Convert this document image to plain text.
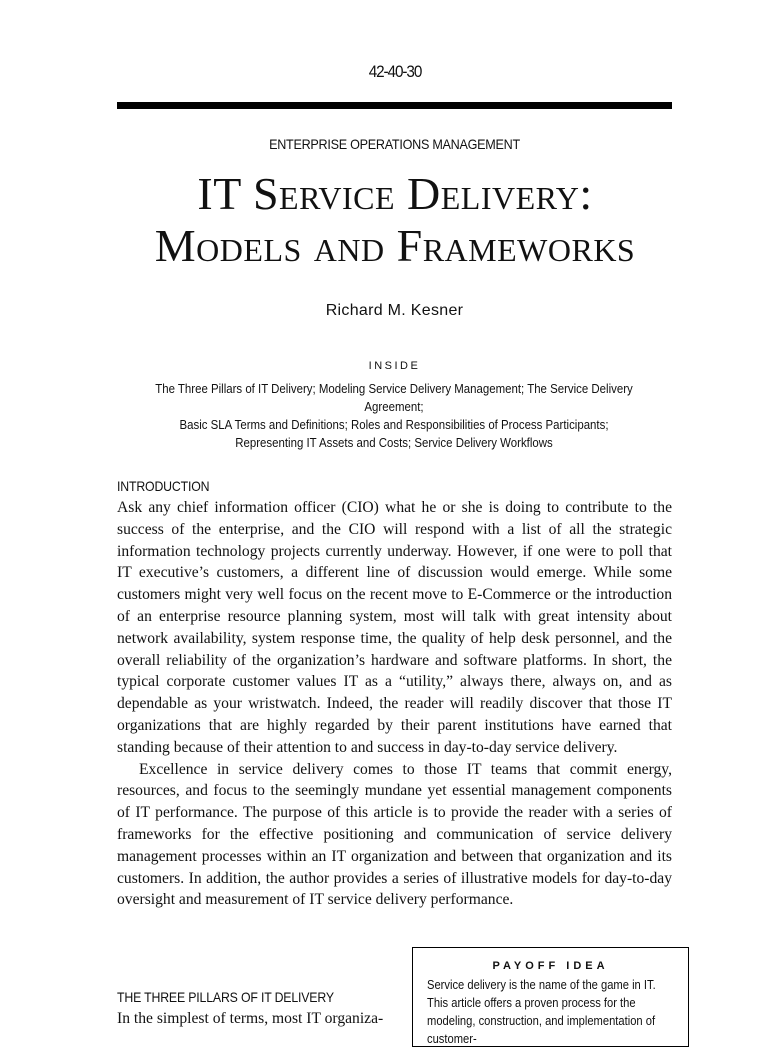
42-40-30
ENTERPRISE OPERATIONS MANAGEMENT
IT Service Delivery:
Models and Frameworks
Richard M. Kesner
INSIDE
The Three Pillars of IT Delivery; Modeling Service Delivery Management; The Service Delivery Agreement;
Basic SLA Terms and Definitions; Roles and Responsibilities of Process Participants;
Representing IT Assets and Costs; Service Delivery Workflows
INTRODUCTION

Ask any chief information officer (CIO) what he or she is doing to contribute to the success of the enterprise, and the CIO will respond with a list of all the strategic information technology projects currently underway. However, if one were to poll that IT executive’s customers, a different line of discussion would emerge. While some customers might very well focus on the recent move to E-Commerce or the introduction of an enterprise resource planning system, most will talk with great intensity about network availability, system response time, the quality of help desk personnel, and the overall reliability of the organization’s hardware and software platforms. In short, the typical corporate customer values IT as a “utility,” always there, always on, and as dependable as your wristwatch. Indeed, the reader will readily discover that those IT organizations that are highly regarded by their parent institutions have earned that standing because of their attention to and success in day-to-day service delivery.

Excellence in service delivery comes to those IT teams that commit energy, resources, and focus to the seemingly mundane yet essential management components of IT performance. The purpose of this article is to provide the reader with a series of frameworks for the effective positioning and communication of service delivery management processes within an IT organization and between that organization and its customers. In addition, the author provides a series of illustrative models for day-to-day oversight and measurement of IT service delivery performance.

THE THREE PILLARS OF IT DELIVERY
In the simplest of terms, most IT organiza-
PAYOFF IDEA
Service delivery is the name of the game in IT. This article offers a proven process for the modeling, construction, and implementation of customer-
